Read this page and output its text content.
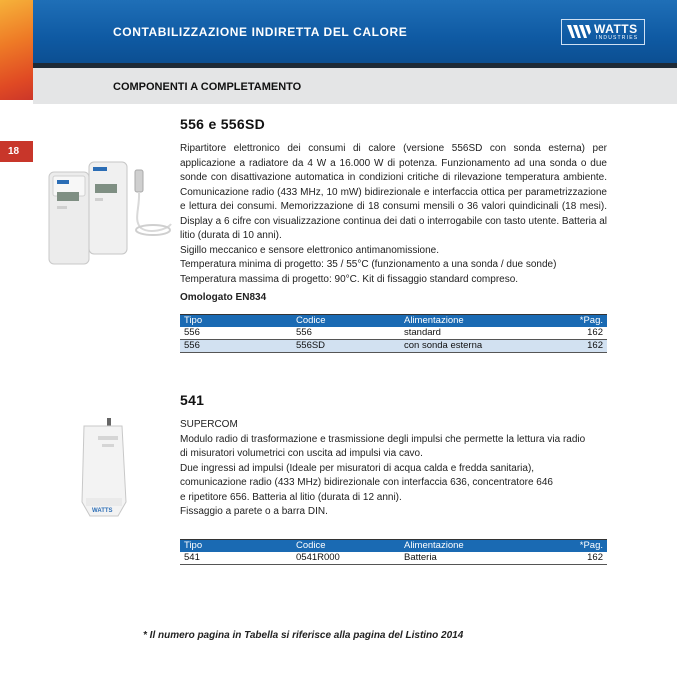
CONTABILIZZAZIONE INDIRETTA DEL CALORE	WATTS
INDUSTRIES
COMPONENTI A COMPLETAMENTO
18
556 e 556SD
Ripartitore elettronico dei consumi di calore (versione 556SD con sonda esterna) per applicazione a radiatore da 4 W a 16.000 W di potenza. Funzionamento ad una sonda o due sonde con disattivazione automatica in condizioni critiche di rilevazione temperatura ambiente. Comunicazione radio (433 MHz, 10 mW) bidirezionale e interfaccia ottica per parametrizzazione e lettura dei consumi. Memorizzazione di 18 consumi mensili o 36 valori quindicinali (18 mesi). Display a 6 cifre con visualizzazione continua dei dati o interrogabile con tasto utente. Batteria al litio (durata di 10 anni).
Sigillo meccanico e sensore elettronico antimanomissione.
Temperatura minima di progetto: 35 / 55°C (funzionamento a una sonda / due sonde)
Temperatura massima di progetto: 90°C. Kit di fissaggio standard compreso.
Omologato EN834
Tipo	Codice	Alimentazione	*Pag.
556	556	standard	162
556	556SD	con sonda esterna	162
WATTS
541
SUPERCOM
Modulo radio di trasformazione e trasmissione degli impulsi che permette la lettura via radio
di misuratori volumetrici con uscita ad impulsi via cavo.
Due ingressi ad impulsi (Ideale per misuratori di acqua calda e fredda sanitaria),
comunicazione radio (433 MHz) bidirezionale con interfaccia 636, concentratore 646
e ripetitore 656. Batteria al litio (durata di 12 anni).
Fissaggio a parete o a barra DIN.
Tipo	Codice	Alimentazione	*Pag.
541	0541R000	Batteria	162
* Il numero pagina in Tabella si riferisce alla pagina del Listino 2014
